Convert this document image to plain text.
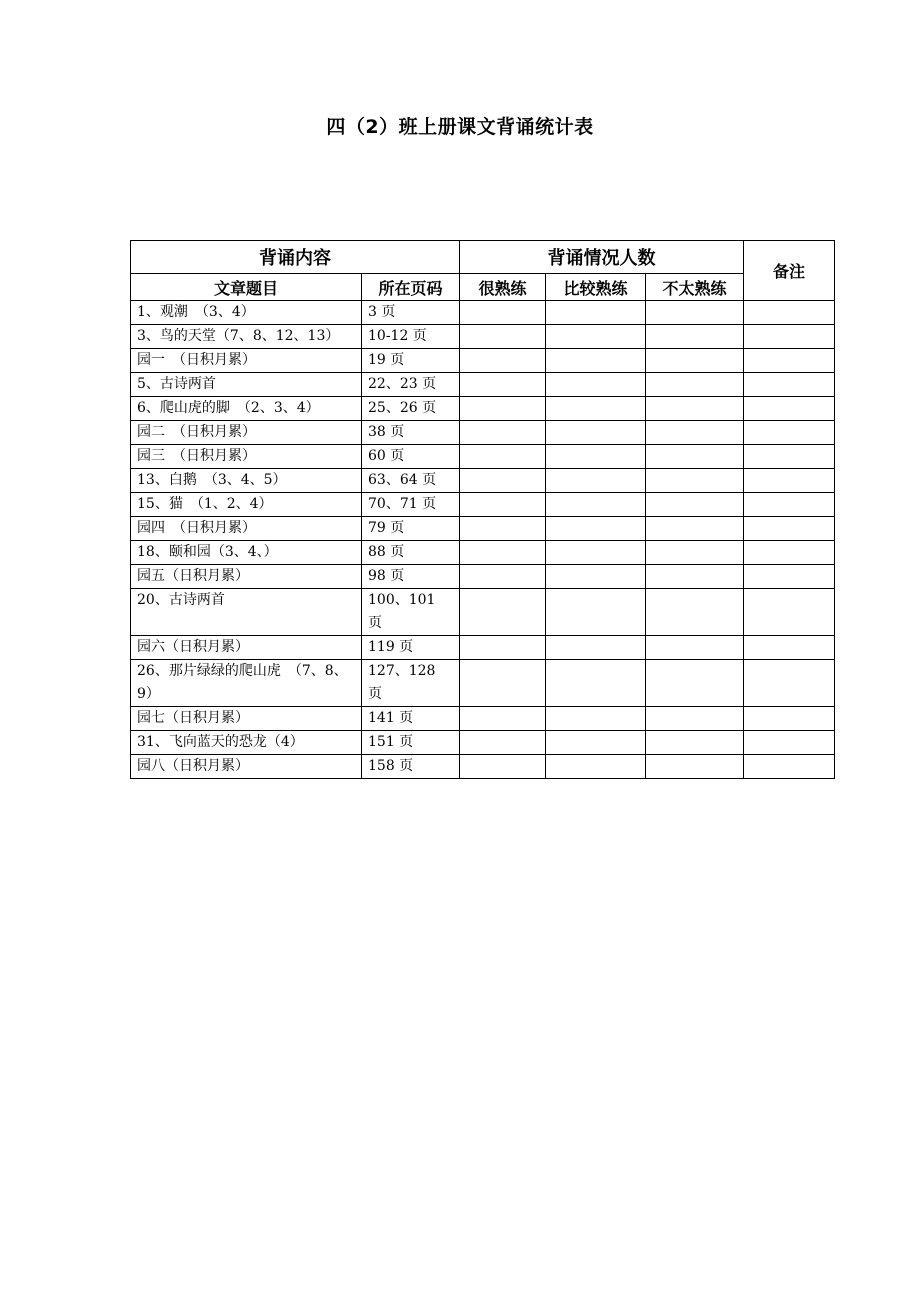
四（2）班上册课文背诵统计表
背诵内容		背诵情况人数			备注
文章题目	所在页码	很熟练	比较熟练	不太熟练	
1、观潮　（3、4）	3 页				
3、鸟的天堂（7、8、12、13）	10-12 页				
园一　（日积月累）	19 页				
5、古诗两首	22、23 页				
6、爬山虎的脚　（2、3、4）	25、26 页				
园二　（日积月累）	38 页				
园三　（日积月累）	60 页				
13、白鹅　（3、4、5）	63、64 页				
15、猫　（1、2、4）	70、71 页				
园四　（日积月累）	79 页				
18、颐和园（3、4、）	88 页				
园五（日积月累）	98 页				
20、古诗两首	100、101 页				
园六（日积月累）	119 页				
26、那片绿绿的爬山虎　（7、8、9）	127、128 页				
园七（日积月累）	141 页				
31、飞向蓝天的恐龙（4）	151 页				
园八（日积月累）	158 页				
